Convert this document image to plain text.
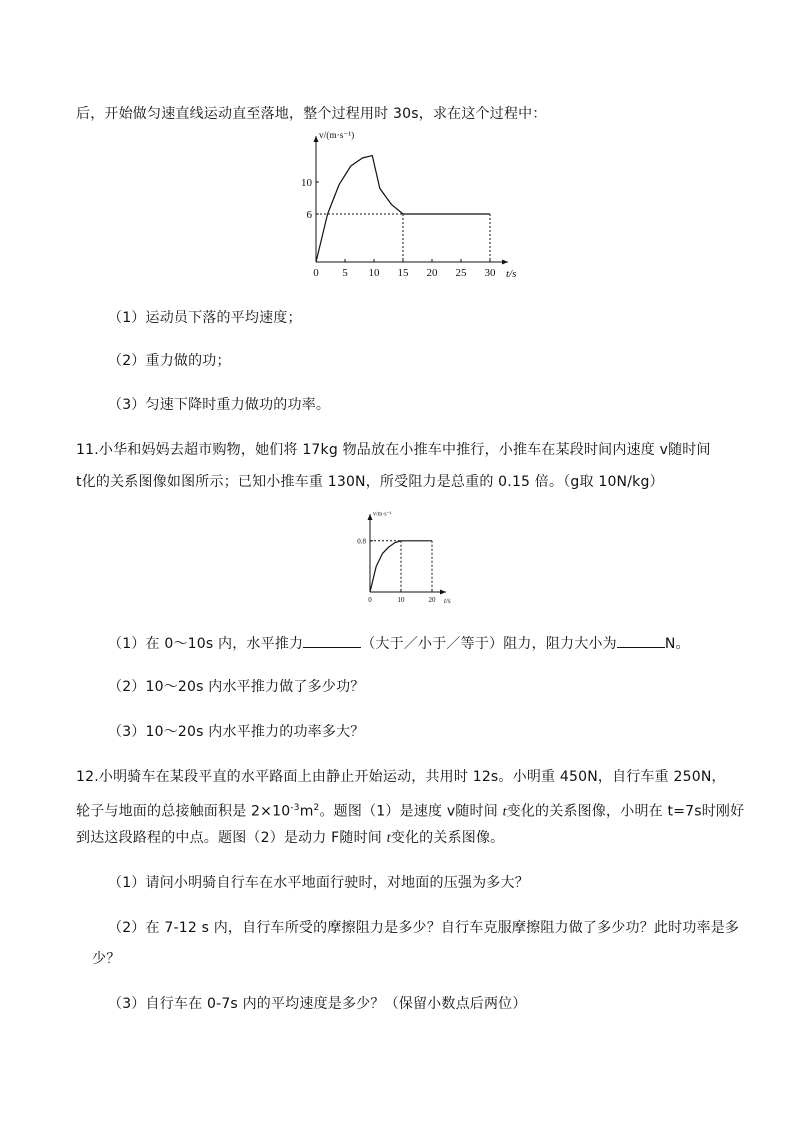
后，开始做匀速直线运动直至落地，整个过程用时 30s，求在这个过程中：
0 5 10 15 20 25 30
6
10
t/s
v/(m·s⁻¹)
（1）运动员下落的平均速度；
（2）重力做的功；
（3）匀速下降时重力做功的功率。
11.小华和妈妈去超市购物，她们将 17kg 物品放在小推车中推行，小推车在某段时间内速度 v随时间
t化的关系图像如图所示；已知小推车重 130N，所受阻力是总重的 0.15 倍。（g取 10N/kg）
0	10	20
0.8
t/s
v/m·s⁻¹
（1）在 0～10s 内，水平推力	（大于／小于／等于）阻力，阻力大小为	N。
（2）10～20s 内水平推力做了多少功？
（3）10～20s 内水平推力的功率多大？
12.小明骑车在某段平直的水平路面上由静止开始运动，共用时 12s。小明重 450N，自行车重 250N，
轮子与地面的总接触面积是 $2\times 10^{-3}m^2$。题图（1）是速度 v随时间 t变化的关系图像，小明在 t=7s时刚好
到达这段路程的中点。题图（2）是动力 F随时间 t变化的关系图像。
（1）请问小明骑自行车在水平地面行驶时，对地面的压强为多大？
（2）在 7-12 s 内，自行车所受的摩擦阻力是多少？自行车克服摩擦阻力做了多少功？此时功率是多
少？
（3）自行车在 0-7s 内的平均速度是多少？（保留小数点后两位）
